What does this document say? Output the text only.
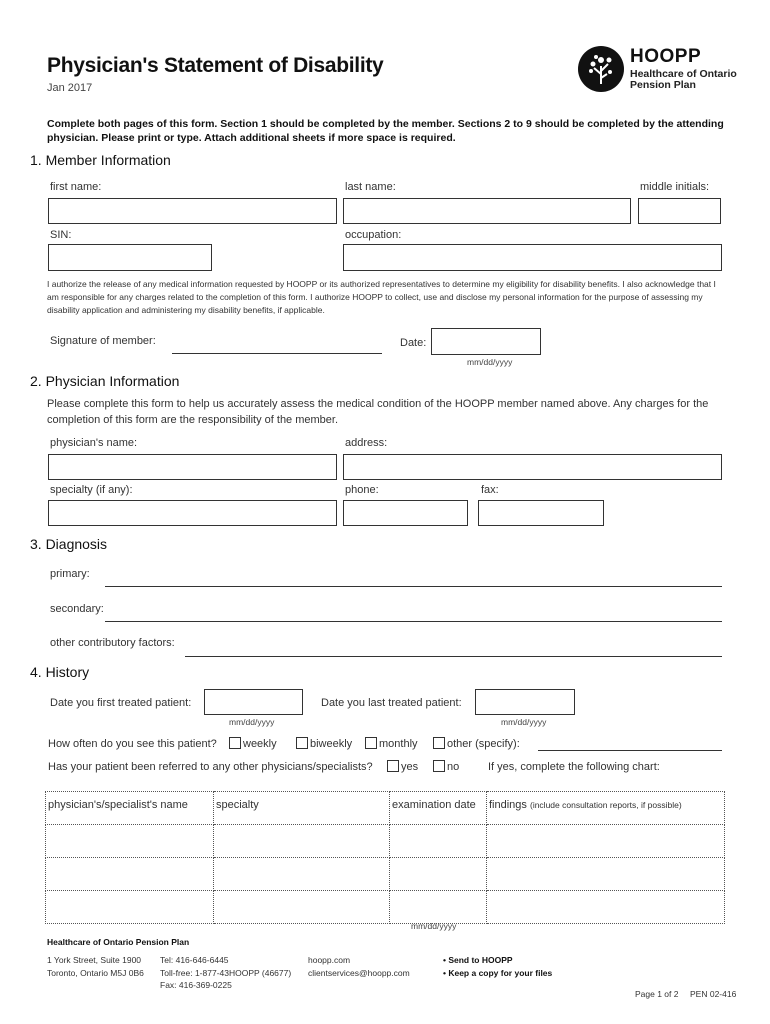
Physician's Statement of Disability
Jan 2017
HOOPP
Healthcare of Ontario
Pension Plan
Complete both pages of this form. Section 1 should be completed by the member. Sections 2 to 9 should be completed by the attending physician. Please print or type. Attach additional sheets if more space is required.
1. Member Information
first name:	last name:	middle initials:
SIN:	occupation:
I authorize the release of any medical information requested by HOOPP or its authorized representatives to determine my eligibility for disability benefits. I also acknowledge that I am responsible for any charges related to the completion of this form. I authorize HOOPP to collect, use and disclose my personal information for the purpose of assessing my disability application and administering my disability benefits, if applicable.
Signature of member:	Date:
mm/dd/yyyy
2. Physician Information
Please complete this form to help us accurately assess the medical condition of the HOOPP member named above. Any charges for the completion of this form are the responsibility of the member.
physician's name:	address:
specialty (if any):	phone:	fax:
3. Diagnosis
primary:
secondary:
other contributory factors:
4. History
Date you first treated patient:
mm/dd/yyyy
Date you last treated patient:
mm/dd/yyyy
How often do you see this patient?	weekly	biweekly	monthly	other (specify):
Has your patient been referred to any other physicians/specialists?	yes	no	If yes, complete the following chart:
physician's/specialist's name	specialty	examination date	findings (include consultation reports, if possible)

mm/dd/yyyy
Healthcare of Ontario Pension Plan
1 York Street, Suite 1900
Toronto, Ontario M5J 0B6
Tel: 416-646-6445
Toll-free: 1-877-43HOOPP (46677)
Fax: 416-369-0225
hoopp.com
clientservices@hoopp.com
• Send to HOOPP
• Keep a copy for your files
Page 1 of 2 PEN 02-416
